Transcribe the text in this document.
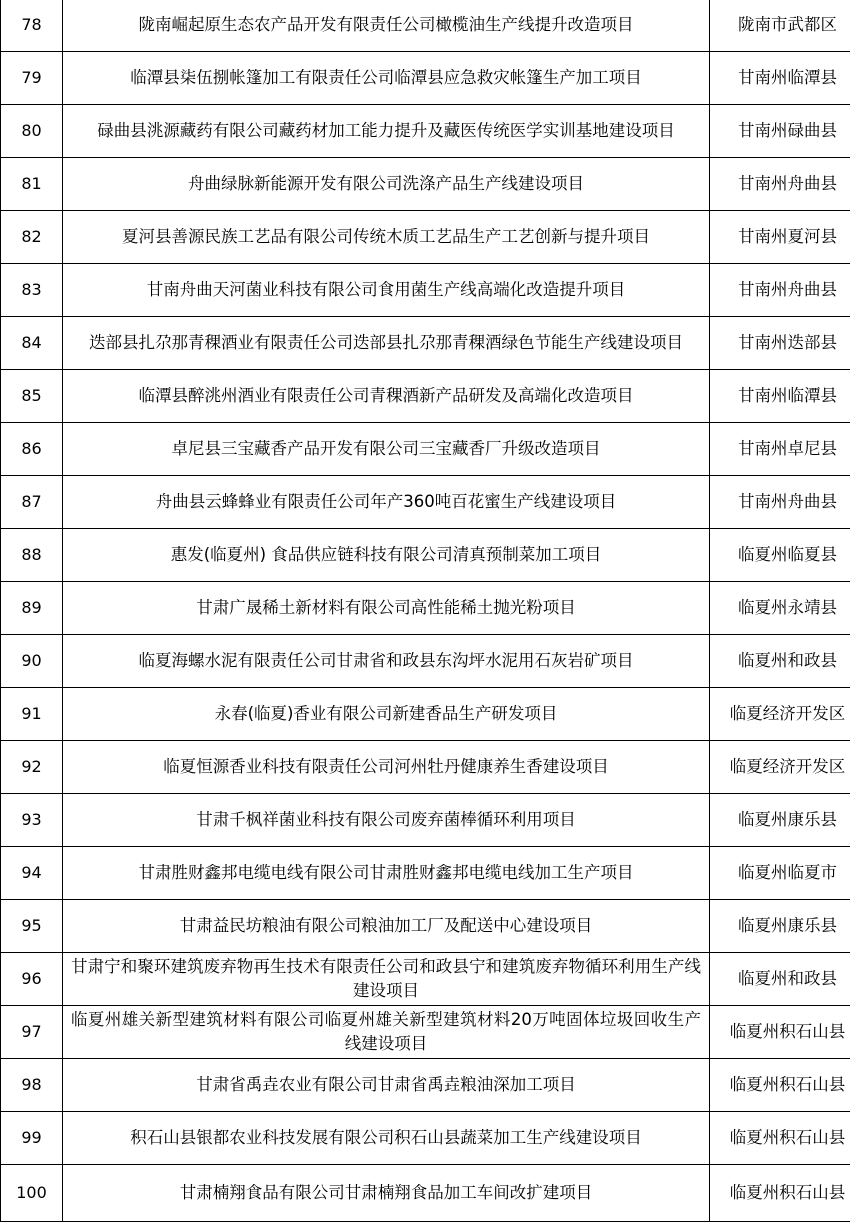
78	陇南崛起原生态农产品开发有限责任公司橄榄油生产线提升改造项目	陇南市武都区
79	临潭县柒伍捌帐篷加工有限责任公司临潭县应急救灾帐篷生产加工项目	甘南州临潭县
80	碌曲县洮源藏药有限公司藏药材加工能力提升及藏医传统医学实训基地建设项目	甘南州碌曲县
81	舟曲绿脉新能源开发有限公司洗涤产品生产线建设项目	甘南州舟曲县
82	夏河县善源民族工艺品有限公司传统木质工艺品生产工艺创新与提升项目	甘南州夏河县
83	甘南舟曲天河菌业科技有限公司食用菌生产线高端化改造提升项目	甘南州舟曲县
84	迭部县扎尕那青稞酒业有限责任公司迭部县扎尕那青稞酒绿色节能生产线建设项目	甘南州迭部县
85	临潭县醉洮州酒业有限责任公司青稞酒新产品研发及高端化改造项目	甘南州临潭县
86	卓尼县三宝藏香产品开发有限公司三宝藏香厂升级改造项目	甘南州卓尼县
87	舟曲县云蜂蜂业有限责任公司年产360吨百花蜜生产线建设项目	甘南州舟曲县
88	惠发(临夏州) 食品供应链科技有限公司清真预制菜加工项目	临夏州临夏县
89	甘肃广晟稀土新材料有限公司高性能稀土抛光粉项目	临夏州永靖县
90	临夏海螺水泥有限责任公司甘肃省和政县东沟坪水泥用石灰岩矿项目	临夏州和政县
91	永春(临夏)香业有限公司新建香品生产研发项目	临夏经济开发区
92	临夏恒源香业科技有限责任公司河州牡丹健康养生香建设项目	临夏经济开发区
93	甘肃千枫祥菌业科技有限公司废弃菌棒循环利用项目	临夏州康乐县
94	甘肃胜财鑫邦电缆电线有限公司甘肃胜财鑫邦电缆电线加工生产项目	临夏州临夏市
95	甘肃益民坊粮油有限公司粮油加工厂及配送中心建设项目	临夏州康乐县
96	甘肃宁和聚环建筑废弃物再生技术有限责任公司和政县宁和建筑废弃物循环利用生产线建设项目	临夏州和政县
97	临夏州雄关新型建筑材料有限公司临夏州雄关新型建筑材料20万吨固体垃圾回收生产线建设项目	临夏州积石山县
98	甘肃省禹垚农业有限公司甘肃省禹垚粮油深加工项目	临夏州积石山县
99	积石山县银都农业科技发展有限公司积石山县蔬菜加工生产线建设项目	临夏州积石山县
100	甘肃楠翔食品有限公司甘肃楠翔食品加工车间改扩建项目	临夏州积石山县
